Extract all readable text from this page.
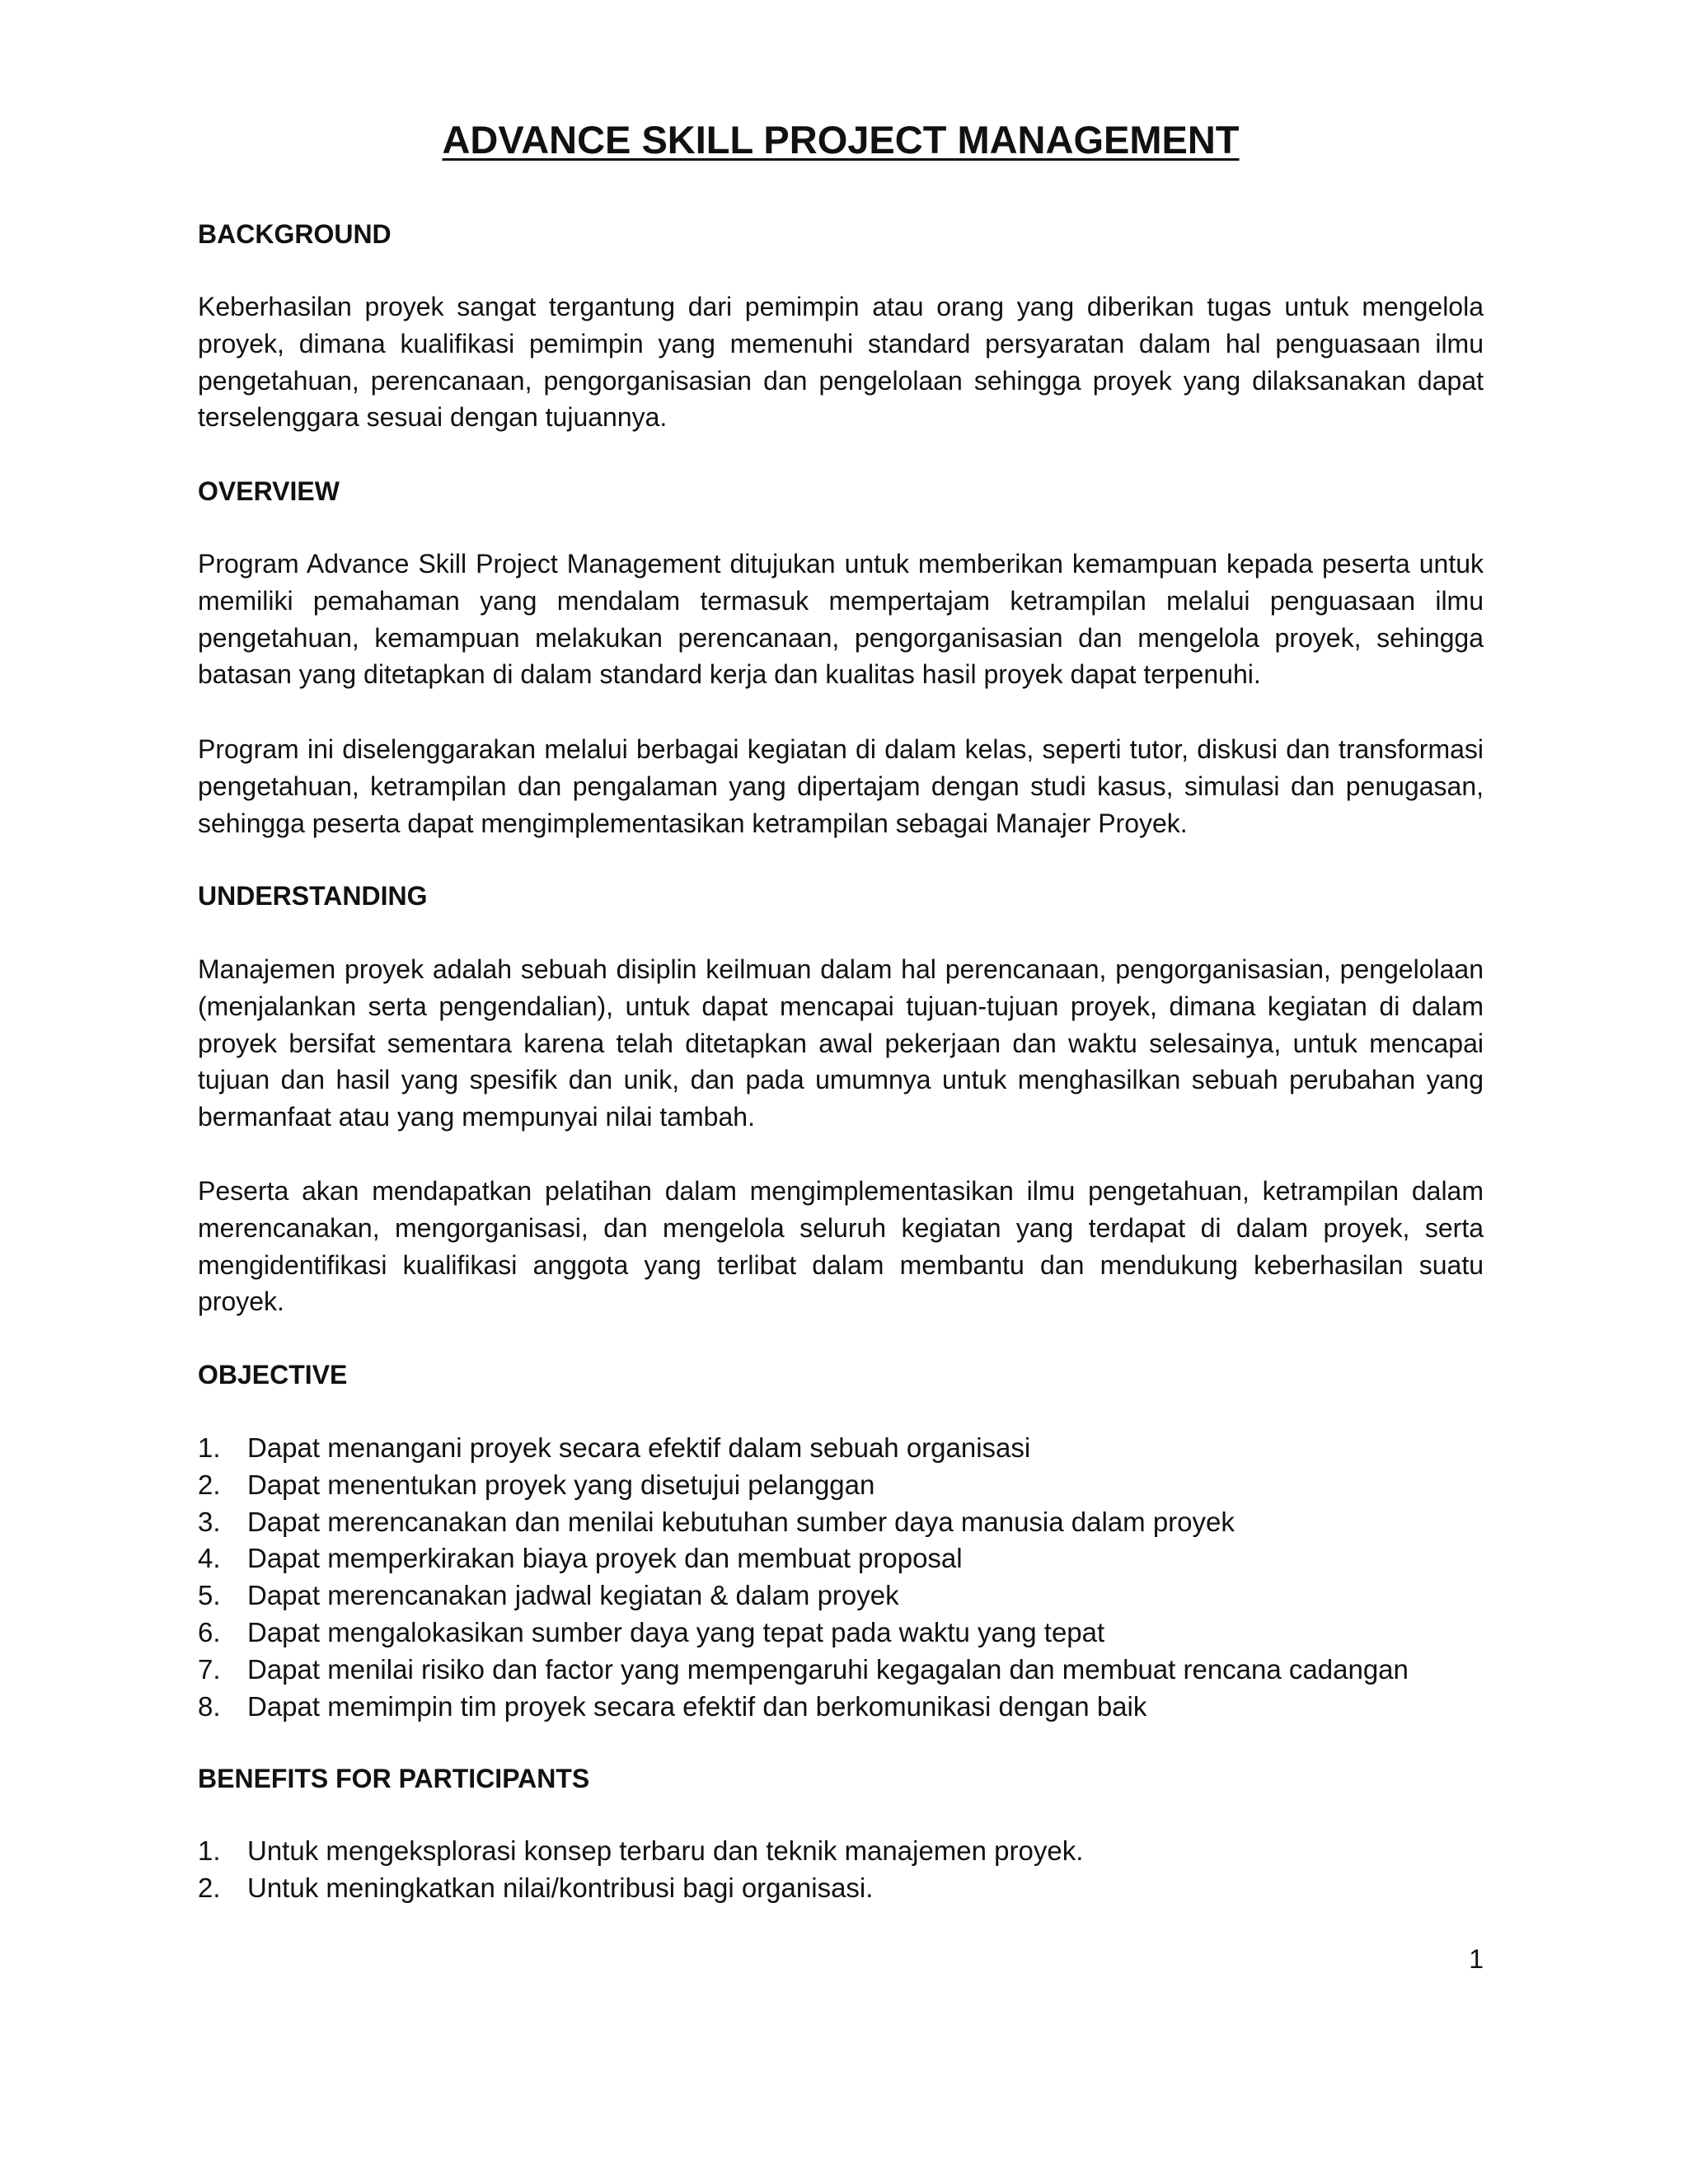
ADVANCE SKILL PROJECT MANAGEMENT

BACKGROUND

Keberhasilan proyek sangat tergantung dari pemimpin atau orang yang diberikan tugas untuk mengelola proyek, dimana kualifikasi pemimpin yang memenuhi standard persyaratan dalam hal penguasaan ilmu pengetahuan, perencanaan, pengorganisasian dan pengelolaan sehingga proyek yang dilaksanakan dapat terselenggara sesuai dengan tujuannya.

OVERVIEW

Program Advance Skill Project Management ditujukan untuk memberikan kemampuan kepada peserta untuk memiliki pemahaman yang mendalam termasuk mempertajam ketrampilan melalui penguasaan ilmu pengetahuan, kemampuan melakukan perencanaan, pengorganisasian dan mengelola proyek, sehingga batasan yang ditetapkan di dalam standard kerja dan kualitas hasil proyek dapat terpenuhi.

Program ini diselenggarakan melalui berbagai kegiatan di dalam kelas, seperti tutor, diskusi dan transformasi pengetahuan, ketrampilan dan pengalaman yang dipertajam dengan studi kasus, simulasi dan penugasan, sehingga peserta dapat mengimplementasikan ketrampilan sebagai Manajer Proyek.

UNDERSTANDING

Manajemen proyek adalah sebuah disiplin keilmuan dalam hal perencanaan, pengorganisasian, pengelolaan (menjalankan serta pengendalian), untuk dapat mencapai tujuan-tujuan proyek, dimana kegiatan di dalam proyek bersifat sementara karena telah ditetapkan awal pekerjaan dan waktu selesainya, untuk mencapai tujuan dan hasil yang spesifik dan unik, dan pada umumnya untuk menghasilkan sebuah perubahan yang bermanfaat atau yang mempunyai nilai tambah.

Peserta akan mendapatkan pelatihan dalam mengimplementasikan ilmu pengetahuan, ketrampilan dalam merencanakan, mengorganisasi, dan mengelola seluruh kegiatan yang terdapat di dalam proyek, serta mengidentifikasi kualifikasi anggota yang terlibat dalam membantu dan mendukung keberhasilan suatu proyek.

OBJECTIVE

1. Dapat menangani proyek secara efektif dalam sebuah organisasi
2. Dapat menentukan proyek yang disetujui pelanggan
3. Dapat merencanakan dan menilai kebutuhan sumber daya manusia dalam proyek
4. Dapat memperkirakan biaya proyek dan membuat proposal
5. Dapat merencanakan jadwal kegiatan & dalam proyek
6. Dapat mengalokasikan sumber daya yang tepat pada waktu yang tepat
7. Dapat menilai risiko dan factor yang mempengaruhi kegagalan dan membuat rencana cadangan
8. Dapat memimpin tim proyek secara efektif dan berkomunikasi dengan baik

BENEFITS FOR PARTICIPANTS

1. Untuk mengeksplorasi konsep terbaru dan teknik manajemen proyek.
2. Untuk meningkatkan nilai/kontribusi bagi organisasi.
1
